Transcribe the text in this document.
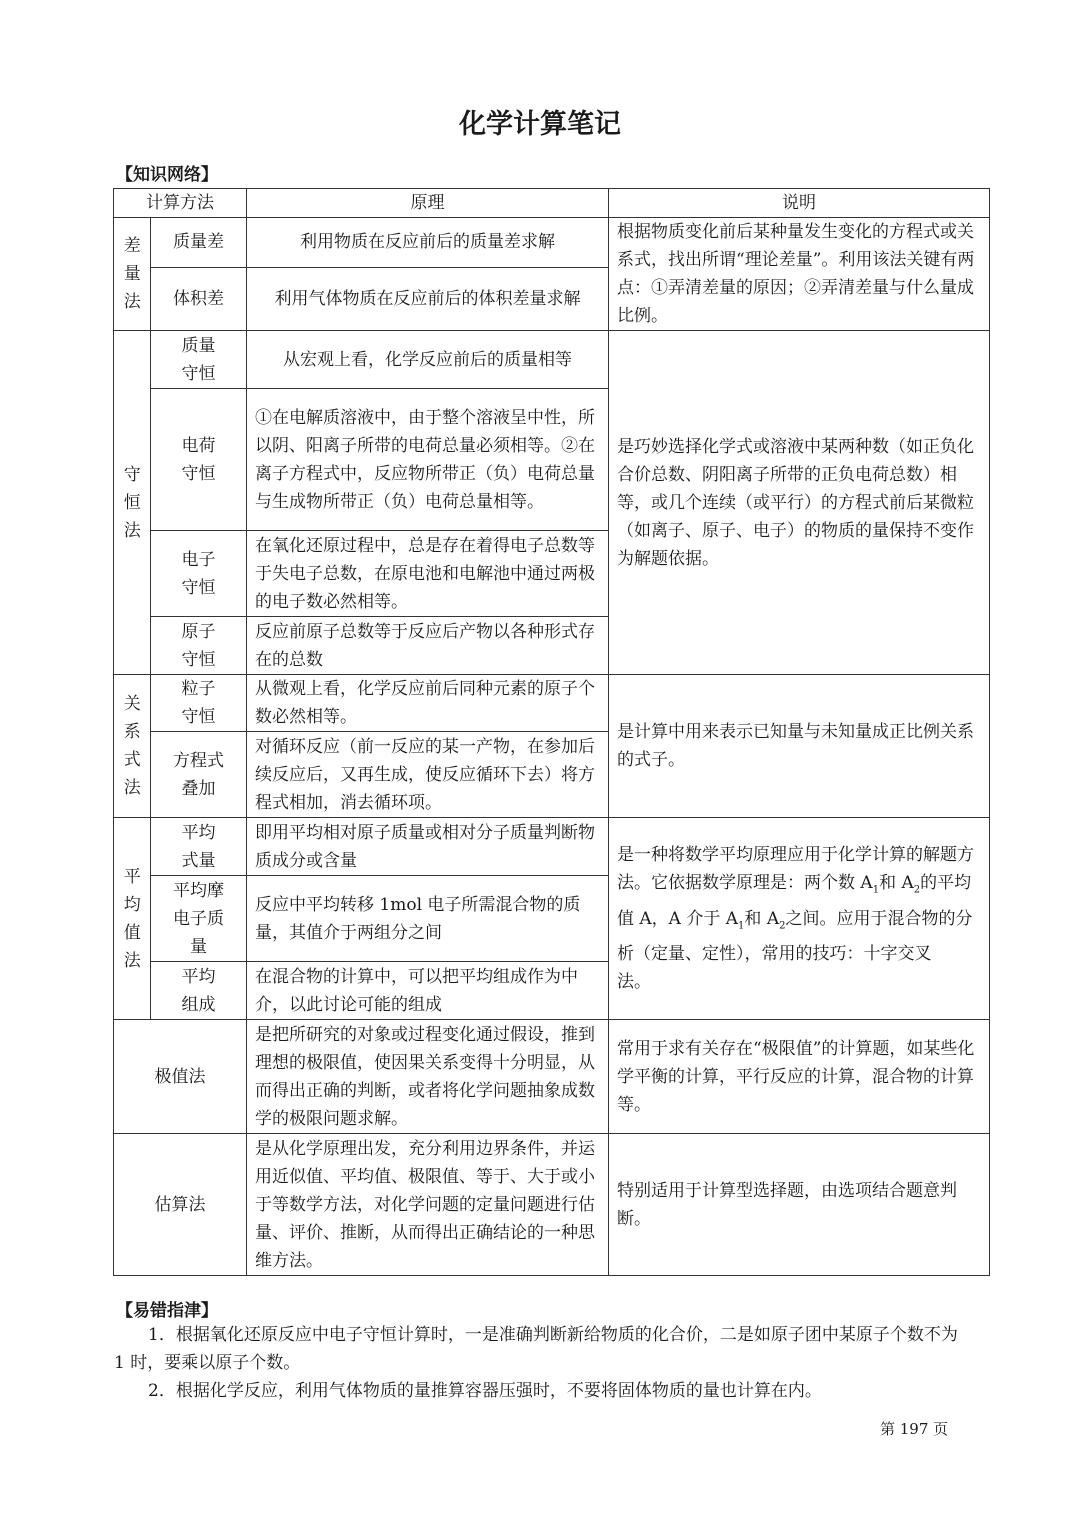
化学计算笔记
【知识网络】
计算方法		原理	说明
差量法	质量差	利用物质在反应前后的质量差求解	根据物质变化前后某种量发生变化的方程式或关系式，找出所谓“理论差量”。利用该法关键有两点：①弄清差量的原因；②弄清差量与什么量成比例。
	体积差	利用气体物质在反应前后的体积差量求解	
守恒法	质量守恒	从宏观上看，化学反应前后的质量相等	是巧妙选择化学式或溶液中某两种数（如正负化合价总数、阴阳离子所带的正负电荷总数）相等，或几个连续（或平行）的方程式前后某微粒（如离子、原子、电子）的物质的量保持不变作为解题依据。
	电荷守恒	①在电解质溶液中，由于整个溶液呈中性，所以阴、阳离子所带的电荷总量必须相等。②在离子方程式中，反应物所带正（负）电荷总量与生成物所带正（负）电荷总量相等。	
	电子守恒	在氧化还原过程中，总是存在着得电子总数等于失电子总数，在原电池和电解池中通过两极的电子数必然相等。	
	原子守恒	反应前原子总数等于反应后产物以各种形式存在的总数	
关系式法	粒子守恒	从微观上看，化学反应前后同种元素的原子个数必然相等。	是计算中用来表示已知量与未知量成正比例关系的式子。
	方程式叠加	对循环反应（前一反应的某一产物，在参加后续反应后，又再生成，使反应循环下去）将方程式相加，消去循环项。	
平均值法	平均式量	即用平均相对原子质量或相对分子质量判断物质成分或含量	是一种将数学平均原理应用于化学计算的解题方法。它依据数学原理是：两个数 $A_1$和 $A_2$的平均值 A，A 介于 $A_1$和 $A_2$之间。应用于混合物的分析（定量、定性），常用的技巧：十字交叉
法。
	平均摩电子质量	反应中平均转移 1mol 电子所需混合物的质量，其值介于两组分之间	
	平均组成	在混合物的计算中，可以把平均组成作为中介，以此讨论可能的组成	
极值法		是把所研究的对象或过程变化通过假设，推到理想的极限值，使因果关系变得十分明显，从而得出正确的判断，或者将化学问题抽象成数学的极限问题求解。	常用于求有关存在“极限值”的计算题，如某些化学平衡的计算，平行反应的计算，混合物的计算等。
估算法		是从化学原理出发，充分利用边界条件，并运用近似值、平均值、极限值、等于、大于或小于等数学方法，对化学问题的定量问题进行估量、评价、推断，从而得出正确结论的一种思维方法。	特别适用于计算型选择题，由选项结合题意判断。
【易错指津】

1．根据氧化还原反应中电子守恒计算时，一是准确判断新给物质的化合价，二是如原子团中某原子个数不为 1 时，要乘以原子个数。

2．根据化学反应，利用气体物质的量推算容器压强时，不要将固体物质的量也计算在内。

第 197 页
